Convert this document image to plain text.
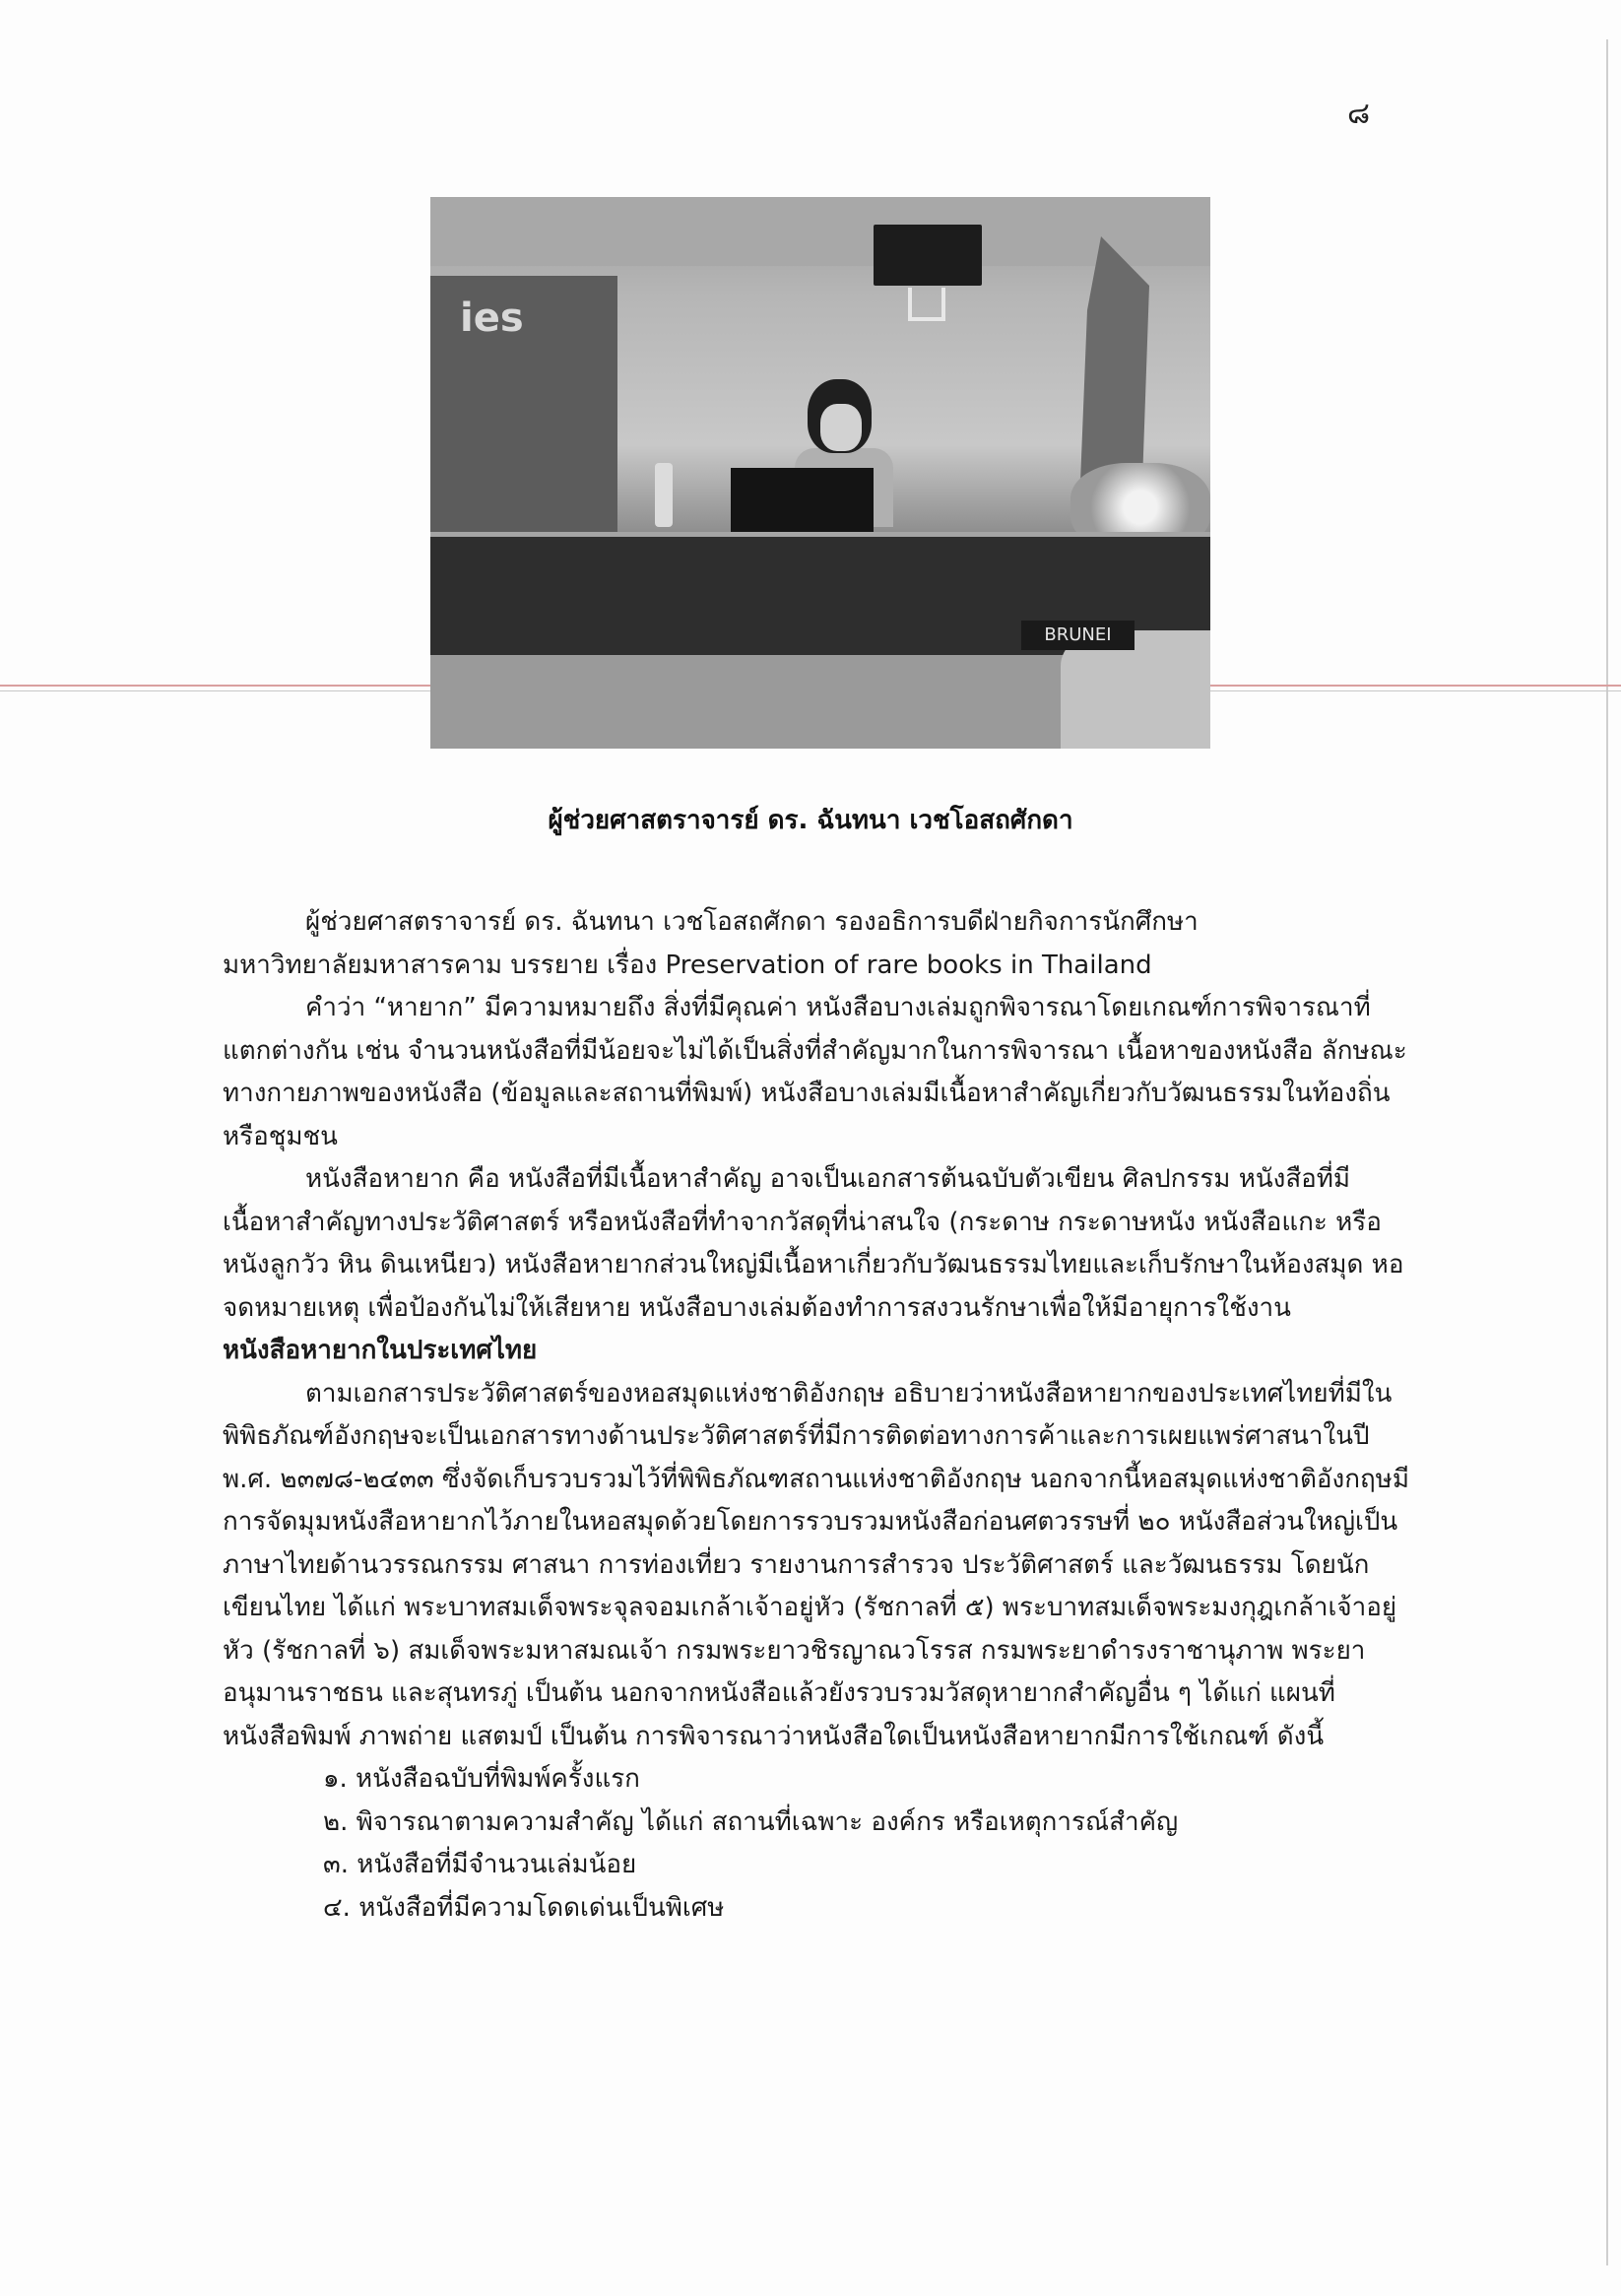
๘
ies
BRUNEI
ผู้ช่วยศาสตราจารย์ ดร. ฉันทนา เวชโอสถศักดา

ผู้ช่วยศาสตราจารย์ ดร. ฉันทนา เวชโอสถศักดา รองอธิการบดีฝ่ายกิจการนักศึกษา

มหาวิทยาลัยมหาสารคาม บรรยาย เรื่อง Preservation of rare books in Thailand

คำว่า “หายาก” มีความหมายถึง สิ่งที่มีคุณค่า หนังสือบางเล่มถูกพิจารณาโดยเกณฑ์การพิจารณาที่แตกต่างกัน เช่น จำนวนหนังสือที่มีน้อยจะไม่ได้เป็นสิ่งที่สำคัญมากในการพิจารณา เนื้อหาของหนังสือ ลักษณะทางกายภาพของหนังสือ (ข้อมูลและสถานที่พิมพ์) หนังสือบางเล่มมีเนื้อหาสำคัญเกี่ยวกับวัฒนธรรมในท้องถิ่นหรือชุมชน

หนังสือหายาก คือ หนังสือที่มีเนื้อหาสำคัญ อาจเป็นเอกสารต้นฉบับตัวเขียน ศิลปกรรม หนังสือที่มีเนื้อหาสำคัญทางประวัติศาสตร์ หรือหนังสือที่ทำจากวัสดุที่น่าสนใจ (กระดาษ กระดาษหนัง หนังสือแกะ หรือหนังลูกวัว หิน ดินเหนียว) หนังสือหายากส่วนใหญ่มีเนื้อหาเกี่ยวกับวัฒนธรรมไทยและเก็บรักษาในห้องสมุด หอจดหมายเหตุ เพื่อป้องกันไม่ให้เสียหาย หนังสือบางเล่มต้องทำการสงวนรักษาเพื่อให้มีอายุการใช้งาน

หนังสือหายากในประเทศไทย

ตามเอกสารประวัติศาสตร์ของหอสมุดแห่งชาติอังกฤษ อธิบายว่าหนังสือหายากของประเทศไทยที่มีในพิพิธภัณฑ์อังกฤษจะเป็นเอกสารทางด้านประวัติศาสตร์ที่มีการติดต่อทางการค้าและการเผยแพร่ศาสนาในปี พ.ศ. ๒๓๗๘-๒๔๓๓ ซึ่งจัดเก็บรวบรวมไว้ที่พิพิธภัณฑสถานแห่งชาติอังกฤษ นอกจากนี้หอสมุดแห่งชาติอังกฤษมีการจัดมุมหนังสือหายากไว้ภายในหอสมุดด้วยโดยการรวบรวมหนังสือก่อนศตวรรษที่ ๒๐ หนังสือส่วนใหญ่เป็นภาษาไทยด้านวรรณกรรม ศาสนา การท่องเที่ยว รายงานการสำรวจ ประวัติศาสตร์ และวัฒนธรรม โดยนักเขียนไทย ได้แก่ พระบาทสมเด็จพระจุลจอมเกล้าเจ้าอยู่หัว (รัชกาลที่ ๕) พระบาทสมเด็จพระมงกุฎเกล้าเจ้าอยู่หัว (รัชกาลที่ ๖) สมเด็จพระมหาสมณเจ้า กรมพระยาวชิรญาณวโรรส กรมพระยาดำรงราชานุภาพ พระยาอนุมานราชธน และสุนทรภู่ เป็นต้น นอกจากหนังสือแล้วยังรวบรวมวัสดุหายากสำคัญอื่น ๆ ได้แก่ แผนที่ หนังสือพิมพ์ ภาพถ่าย แสตมป์ เป็นต้น การพิจารณาว่าหนังสือใดเป็นหนังสือหายากมีการใช้เกณฑ์ ดังนี้

๑. หนังสือฉบับที่พิมพ์ครั้งแรก
๒. พิจารณาตามความสำคัญ ได้แก่ สถานที่เฉพาะ องค์กร หรือเหตุการณ์สำคัญ
๓. หนังสือที่มีจำนวนเล่มน้อย
๔. หนังสือที่มีความโดดเด่นเป็นพิเศษ
